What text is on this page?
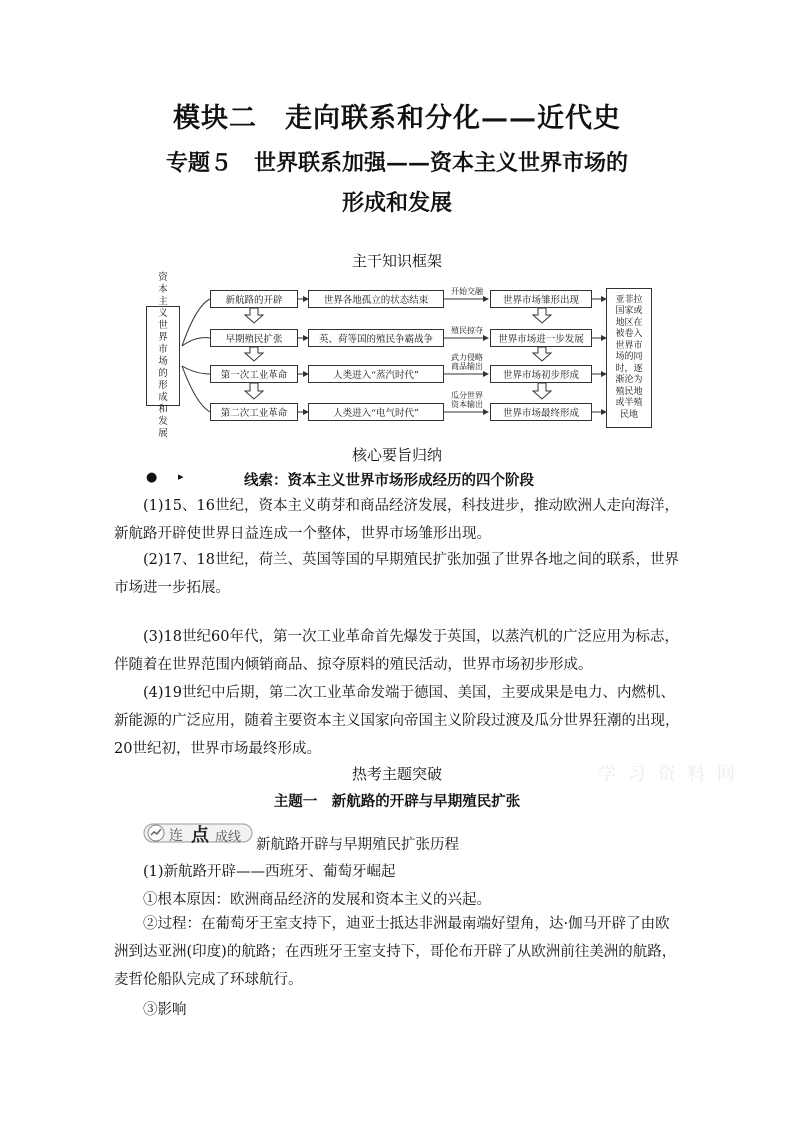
模块二　走向联系和分化——近代史
专题５　世界联系加强——资本主义世界市场的
形成和发展
主干知识框架
资本主义世界市场的形成和发展
新航路的开辟
早期殖民扩张
第一次工业革命
第二次工业革命
世界各地孤立的状态结束
英、荷等国的殖民争霸战争
人类进入“蒸汽时代”
人类进入“电气时代”
开始交融
殖民掠夺
武力侵略商品输出
瓜分世界资本输出
世界市场雏形出现
世界市场进一步发展
世界市场初步形成
世界市场最终形成
亚非拉国家或地区在被卷入世界市场的同时，逐渐沦为殖民地或半殖民地
核心要旨归纳
● ▸	线索：资本主义世界市场形成经历的四个阶段

(1)15、16世纪，资本主义萌芽和商品经济发展，科技进步，推动欧洲人走向海洋，新航路开辟使世界日益连成一个整体，世界市场雏形出现。

(2)17、18世纪，荷兰、英国等国的早期殖民扩张加强了世界各地之间的联系，世界市场进一步拓展。

(3)18世纪60年代，第一次工业革命首先爆发于英国，以蒸汽机的广泛应用为标志，伴随着在世界范围内倾销商品、掠夺原料的殖民活动，世界市场初步形成。

(4)19世纪中后期，第二次工业革命发端于德国、美国，主要成果是电力、内燃机、新能源的广泛应用，随着主要资本主义国家向帝国主义阶段过渡及瓜分世界狂潮的出现，20世纪初，世界市场最终形成。

热考主题突破
主题一　新航路的开辟与早期殖民扩张
学 习 资 料 网
连 点 成线 新航路开辟与早期殖民扩张历程
(1)新航路开辟——西班牙、葡萄牙崛起
①根本原因：欧洲商品经济的发展和资本主义的兴起。

②过程：在葡萄牙王室支持下，迪亚士抵达非洲最南端好望角，达·伽马开辟了由欧洲到达亚洲(印度)的航路；在西班牙王室支持下，哥伦布开辟了从欧洲前往美洲的航路，麦哲伦船队完成了环球航行。

③影响
